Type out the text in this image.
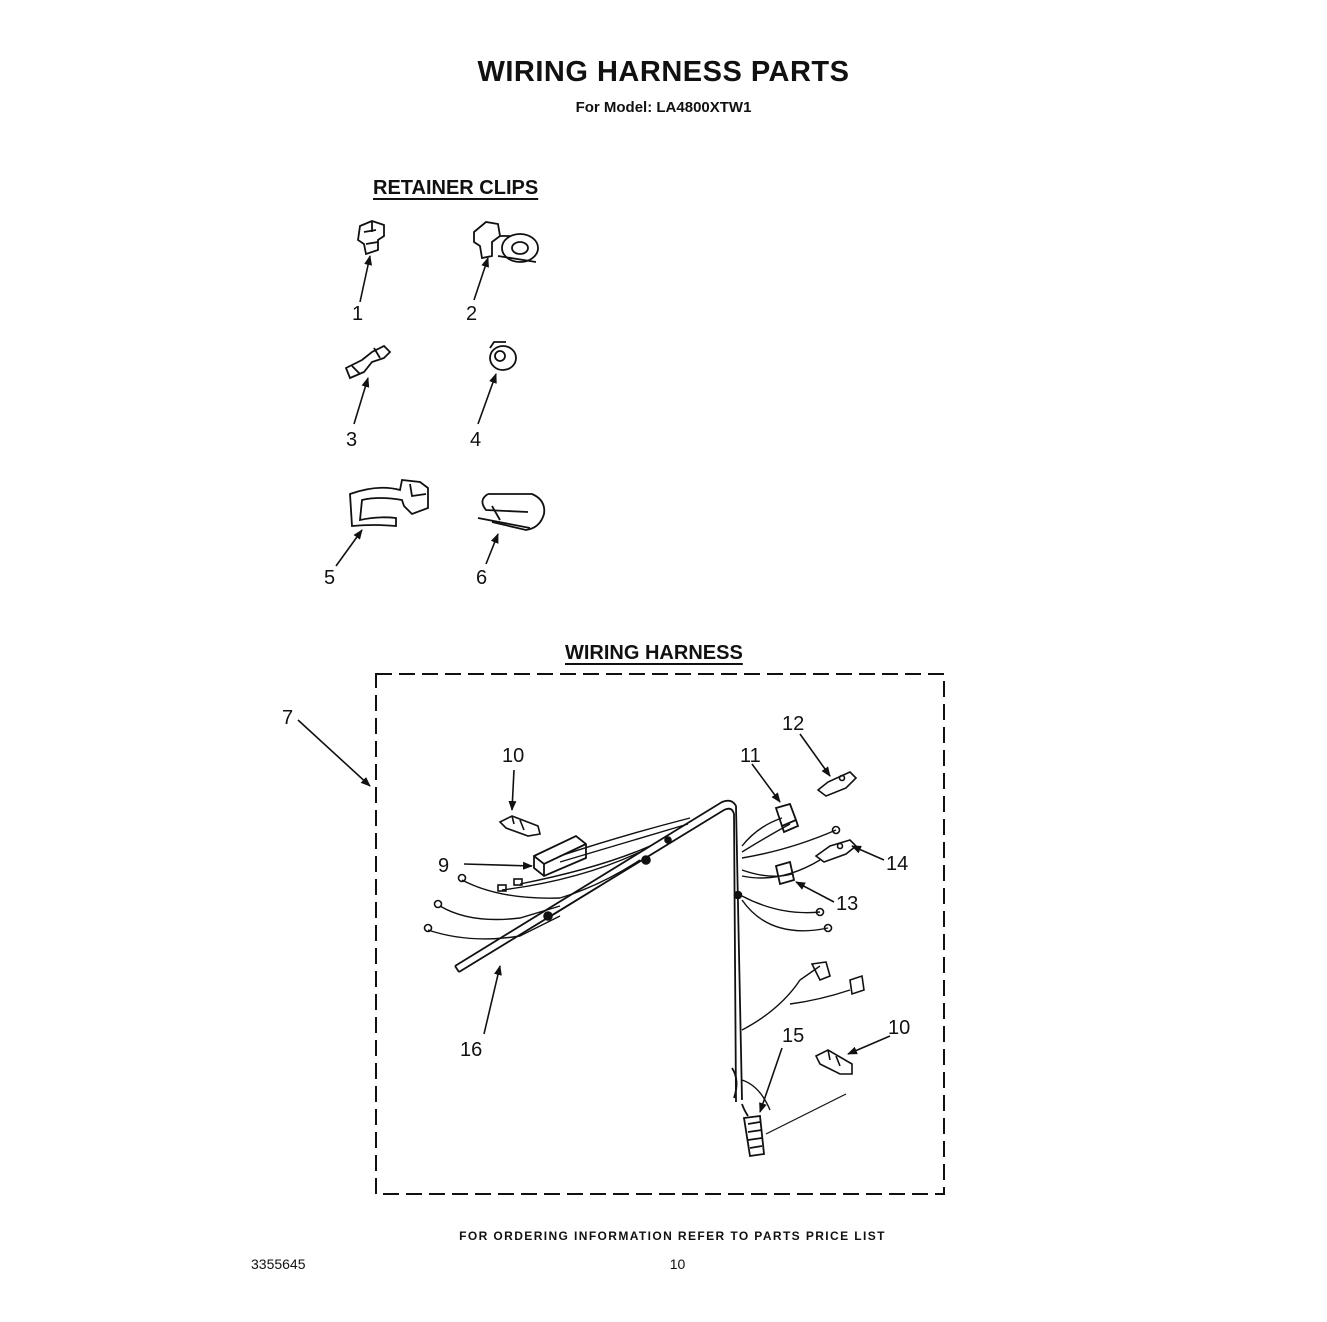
WIRING HARNESS PARTS
For Model: LA4800XTW1
RETAINER CLIPS
WIRING HARNESS
1	2
3	4
5	6
7
9
10	11
12
13
14
15	10
16
FOR ORDERING INFORMATION REFER TO PARTS PRICE LIST
3355645	10
